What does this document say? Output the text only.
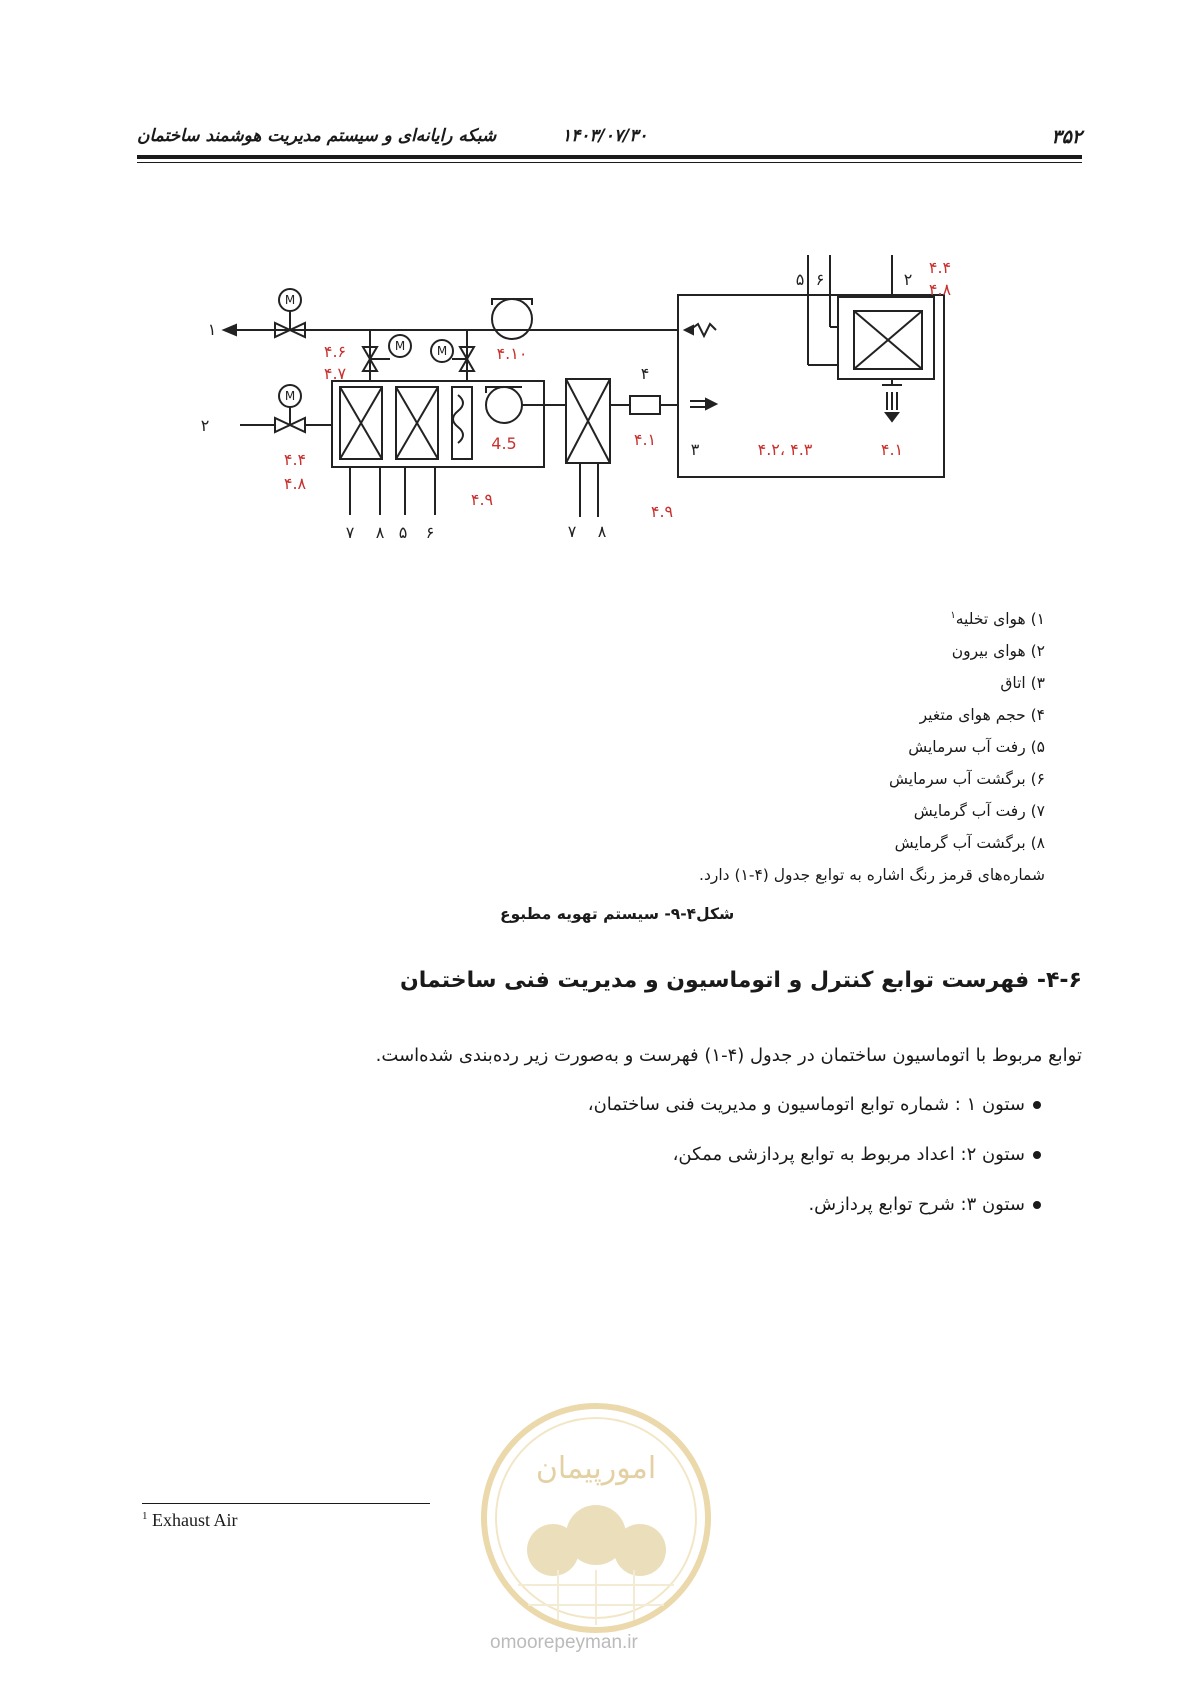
۳۵۲
۱۴۰۳/۰۷/۳۰
شبکه رایانه‌ای و سیستم مدیریت هوشمند ساختمان
M
M	M
M
۱
۲
۴
۳
۵ ۶	۲
۷ ۸ ۵ ۶	۷ ۸
۴.۴
۴.۸
۴.۶
۴.۷
۴.۱۰
۴.۴
۴.۸
4.5
۴.۹
۴.۹
۴.۱
۴.۲، ۴.۳	۴.۱
۱) هوای تخلیه$^۱$
۲) هوای بیرون
۳) اتاق
۴) حجم هوای متغیر
۵) رفت آب سرمایش
۶) برگشت آب سرمایش
۷) رفت آب گرمایش
۸) برگشت آب گرمایش
شماره‌های قرمز رنگ اشاره به توابع جدول (۴-۱) دارد.
شکل۴-۹- سیستم تهویه مطبوع
۴-۶- فهرست توابع کنترل و اتوماسیون و مدیریت فنی ساختمان
توابع مربوط با اتوماسیون ساختمان در جدول (۴-۱) فهرست و به‌صورت زیر رده‌بندی شده‌است.
ستون ۱ : شماره توابع اتوماسیون و مدیریت فنی ساختمان،
ستون ۲: اعداد مربوط به توابع پردازشی ممکن،
ستون ۳: شرح توابع پردازش.
$^1$ Exhaust Air
امورپیمان
omoorepeyman.ir
